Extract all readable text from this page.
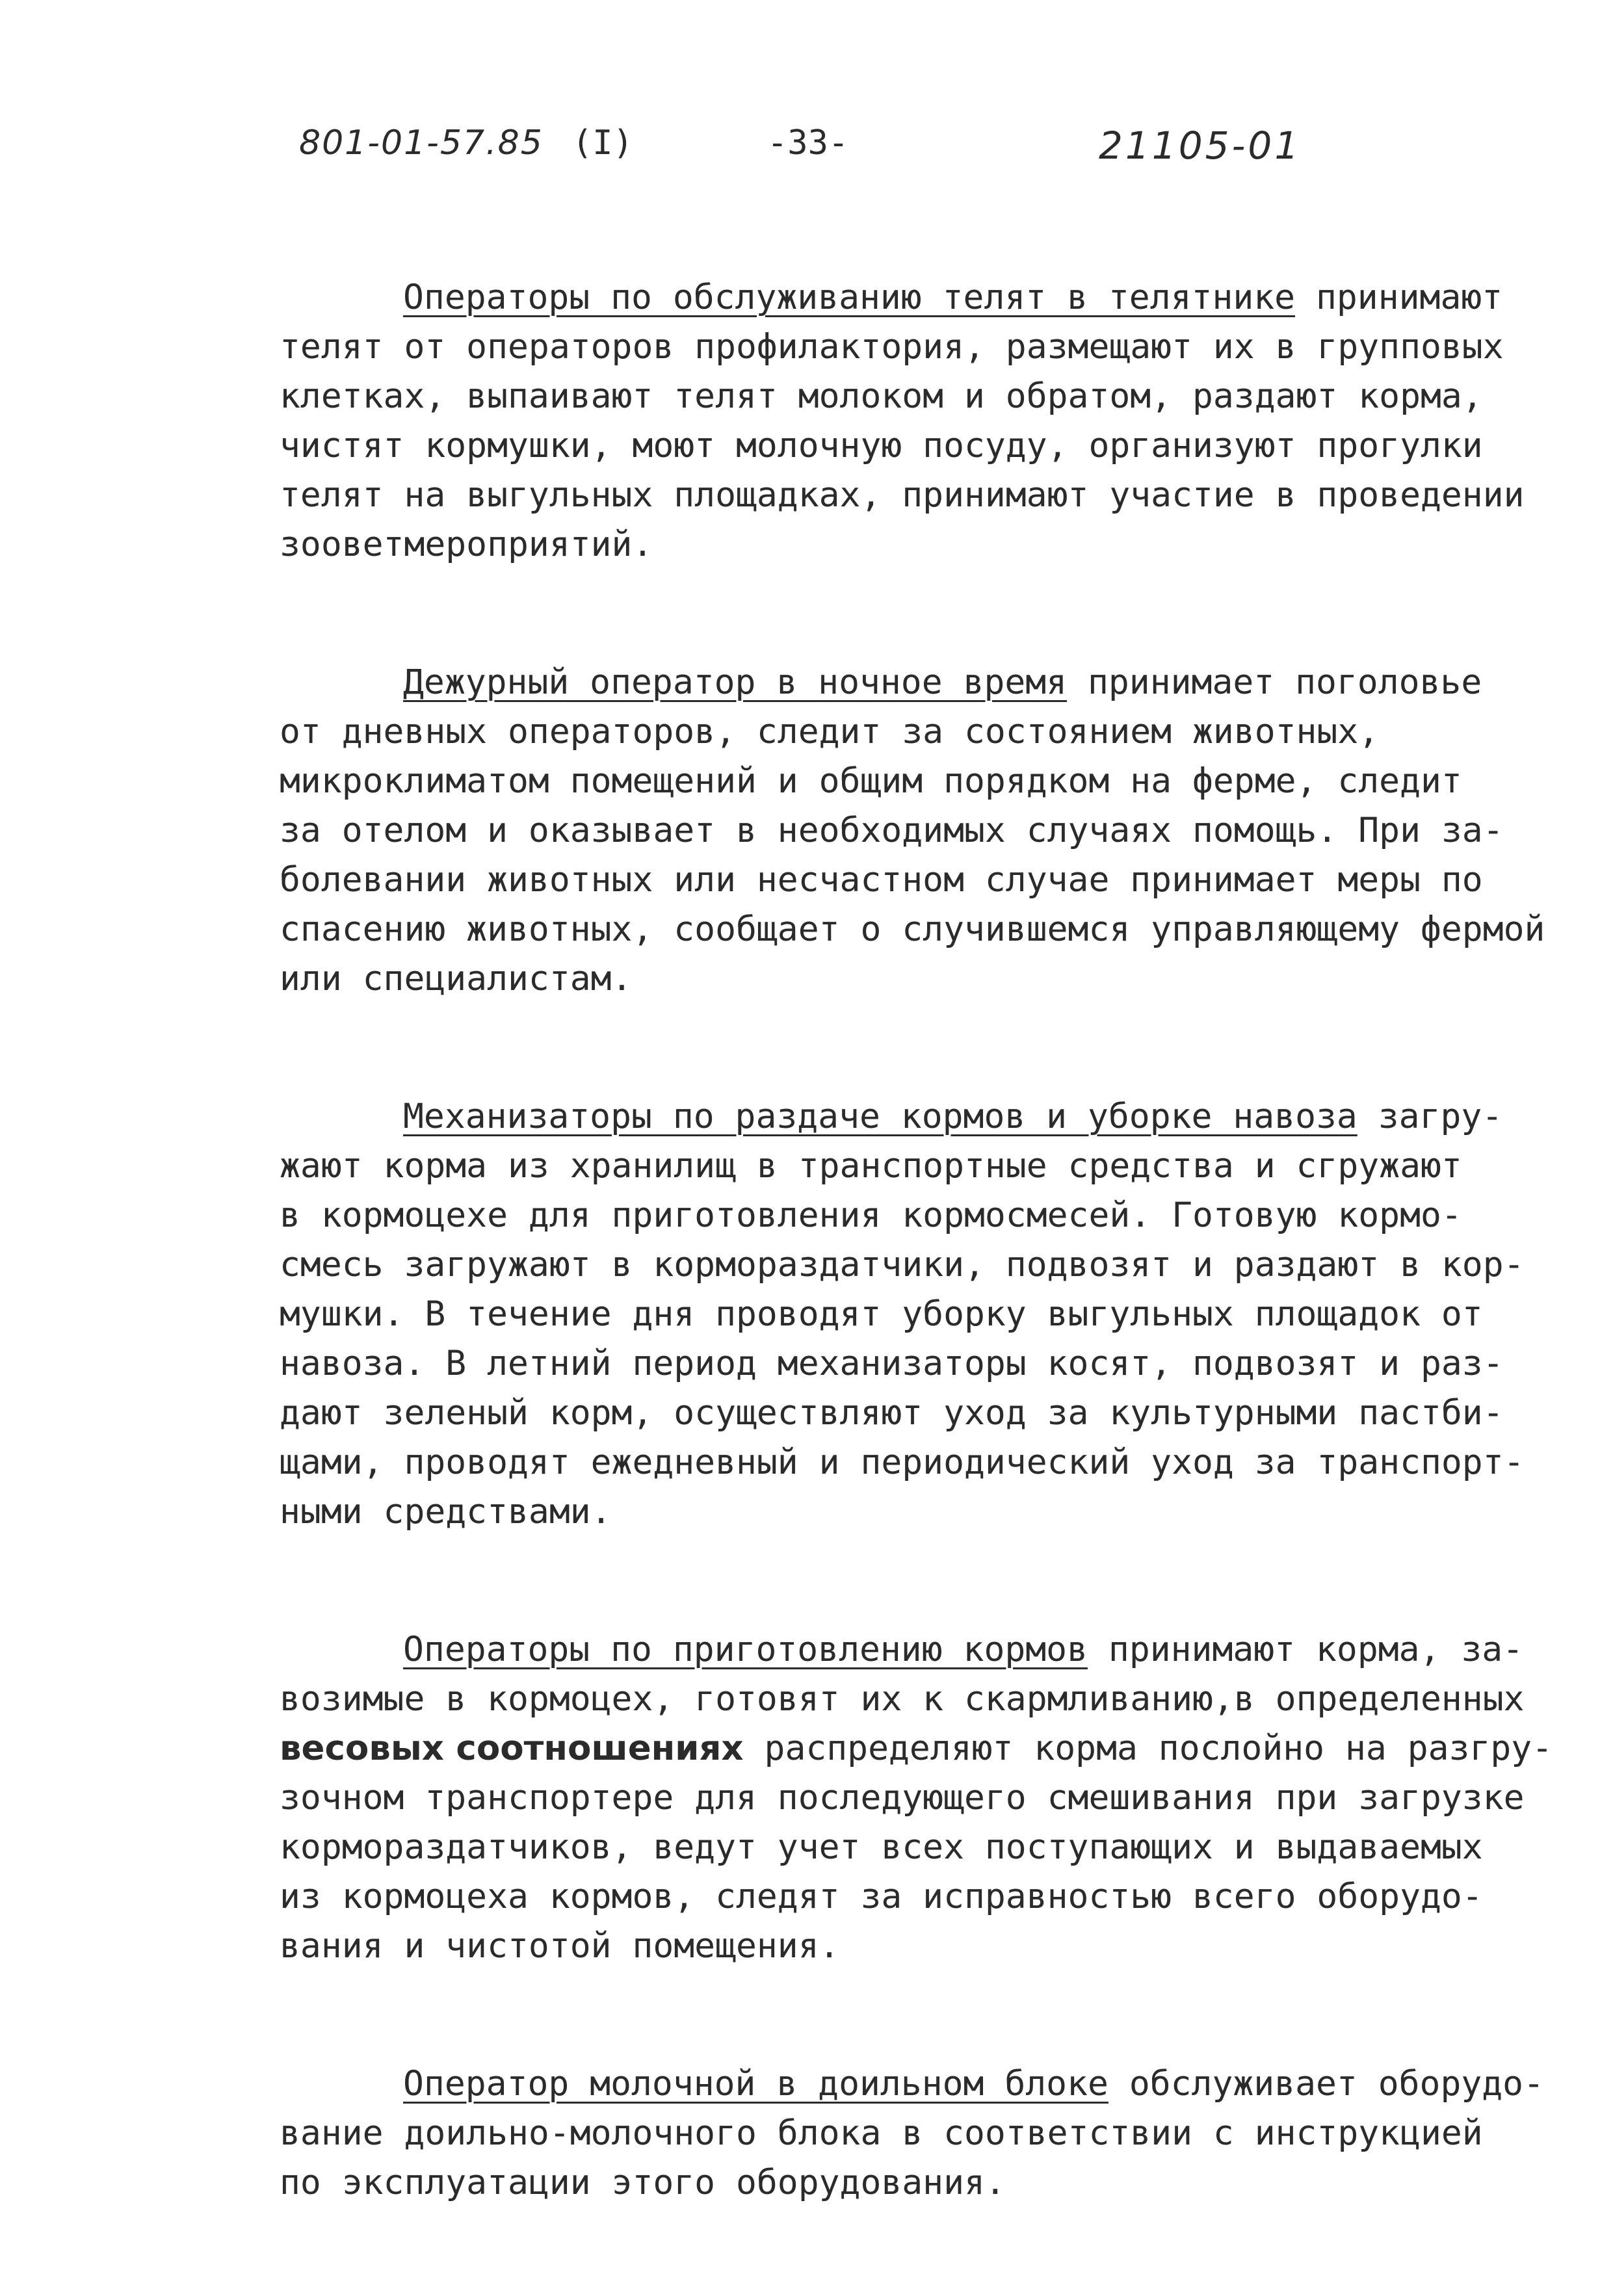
801-01-57.85 (I)	-33-	21105-01

Операторы по обслуживанию телят в телятнике принимают
телят от операторов профилактория, размещают их в групповых
клетках, выпаивают телят молоком и обратом, раздают корма,
чистят кормушки, моют молочную посуду, организуют прогулки
телят на выгульных площадках, принимают участие в проведении
зооветмероприятий.

Дежурный оператор в ночное время принимает поголовье
от дневных операторов, следит за состоянием животных,
микроклиматом помещений и общим порядком на ферме, следит
за отелом и оказывает в необходимых случаях помощь. При за-
болевании животных или несчастном случае принимает меры по
спасению животных, сообщает о случившемся управляющему фермой
или специалистам.

Механизаторы по раздаче кормов и уборке навоза загру-
жают корма из хранилищ в транспортные средства и сгружают
в кормоцехе для приготовления кормосмесей. Готовую кормо-
смесь загружают в кормораздатчики, подвозят и раздают в кор-
мушки. В течение дня проводят уборку выгульных площадок от
навоза. В летний период механизаторы косят, подвозят и раз-
дают зеленый корм, осуществляют уход за культурными пастби-
щами, проводят ежедневный и периодический уход за транспорт-
ными средствами.

Операторы по приготовлению кормов принимают корма, за-
возимые в кормоцех, готовят их к скармливанию,в определенных
весовых соотношениях распределяют корма послойно на разгру-
зочном транспортере для последующего смешивания при загрузке
кормораздатчиков, ведут учет всех поступающих и выдаваемых
из кормоцеха кормов, следят за исправностью всего оборудо-
вания и чистотой помещения.

Оператор молочной в доильном блоке обслуживает оборудо-
вание доильно-молочного блока в соответствии с инструкцией
по эксплуатации этого оборудования.
